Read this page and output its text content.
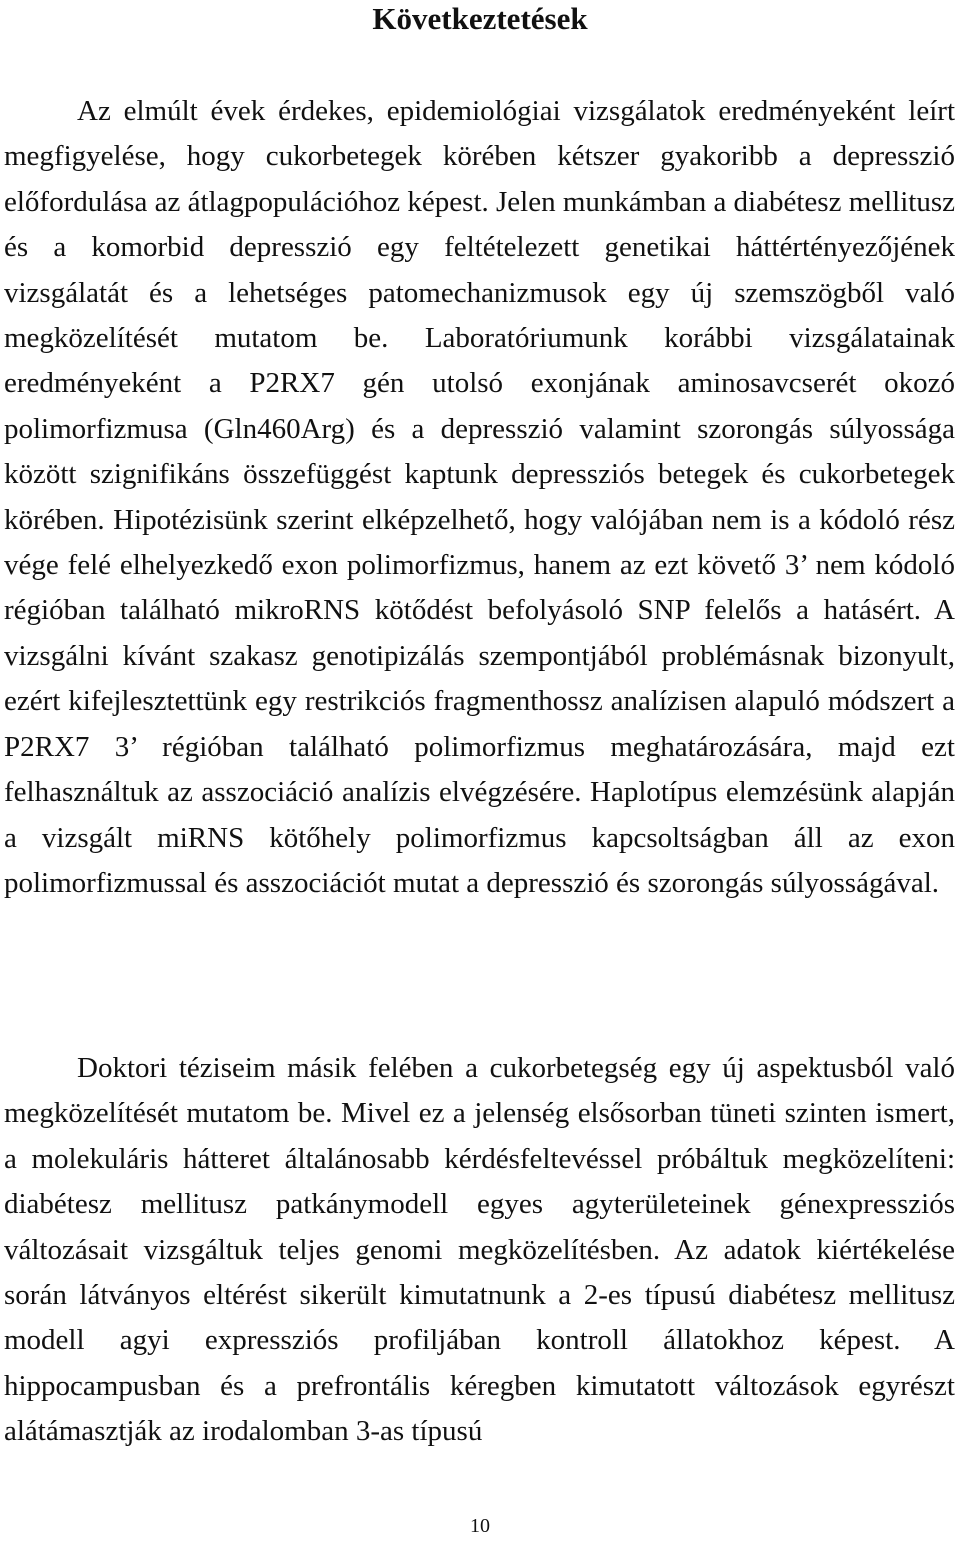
Következtetések

Az elmúlt évek érdekes, epidemiológiai vizsgálatok eredményeként leírt megfigyelése, hogy cukorbetegek körében kétszer gyakoribb a depresszió előfordulása az átlagpopulációhoz képest. Jelen munkámban a diabétesz mellitusz és a komorbid depresszió egy feltételezett genetikai háttértényezőjének vizsgálatát és a lehetséges patomechanizmusok egy új szemszögből való megközelítését mutatom be. Laboratóriumunk korábbi vizsgálatainak eredményeként a P2RX7 gén utolsó exonjának aminosavcserét okozó polimorfizmusa (Gln460Arg) és a depresszió valamint szorongás súlyossága között szignifikáns összefüggést kaptunk depressziós betegek és cukorbetegek körében. Hipotézisünk szerint elképzelhető, hogy valójában nem is a kódoló rész vége felé elhelyezkedő exon polimorfizmus, hanem az ezt követő 3’ nem kódoló régióban található mikroRNS kötődést befolyásoló SNP felelős a hatásért. A vizsgálni kívánt szakasz genotipizálás szempontjából problémásnak bizonyult, ezért kifejlesztettünk egy restrikciós fragmenthossz analízisen alapuló módszert a P2RX7 3’ régióban található polimorfizmus meghatározására, majd ezt felhasználtuk az asszociáció analízis elvégzésére. Haplotípus elemzésünk alapján a vizsgált miRNS kötőhely polimorfizmus kapcsoltságban áll az exon polimorfizmussal és asszociációt mutat a depresszió és szorongás súlyosságával.

Doktori téziseim másik felében a cukorbetegség egy új aspektusból való megközelítését mutatom be. Mivel ez a jelenség elsősorban tüneti szinten ismert, a molekuláris hátteret általánosabb kérdésfeltevéssel próbáltuk megközelíteni: diabétesz mellitusz patkánymodell egyes agyterületeinek génexpressziós változásait vizsgáltuk teljes genomi megközelítésben. Az adatok kiértékelése során látványos eltérést sikerült kimutatnunk a 2-es típusú diabétesz mellitusz modell agyi expressziós profiljában kontroll állatokhoz képest. A hippocampusban és a prefrontális kéregben kimutatott változások egyrészt alátámasztják az irodalomban 3-as típusú

10
